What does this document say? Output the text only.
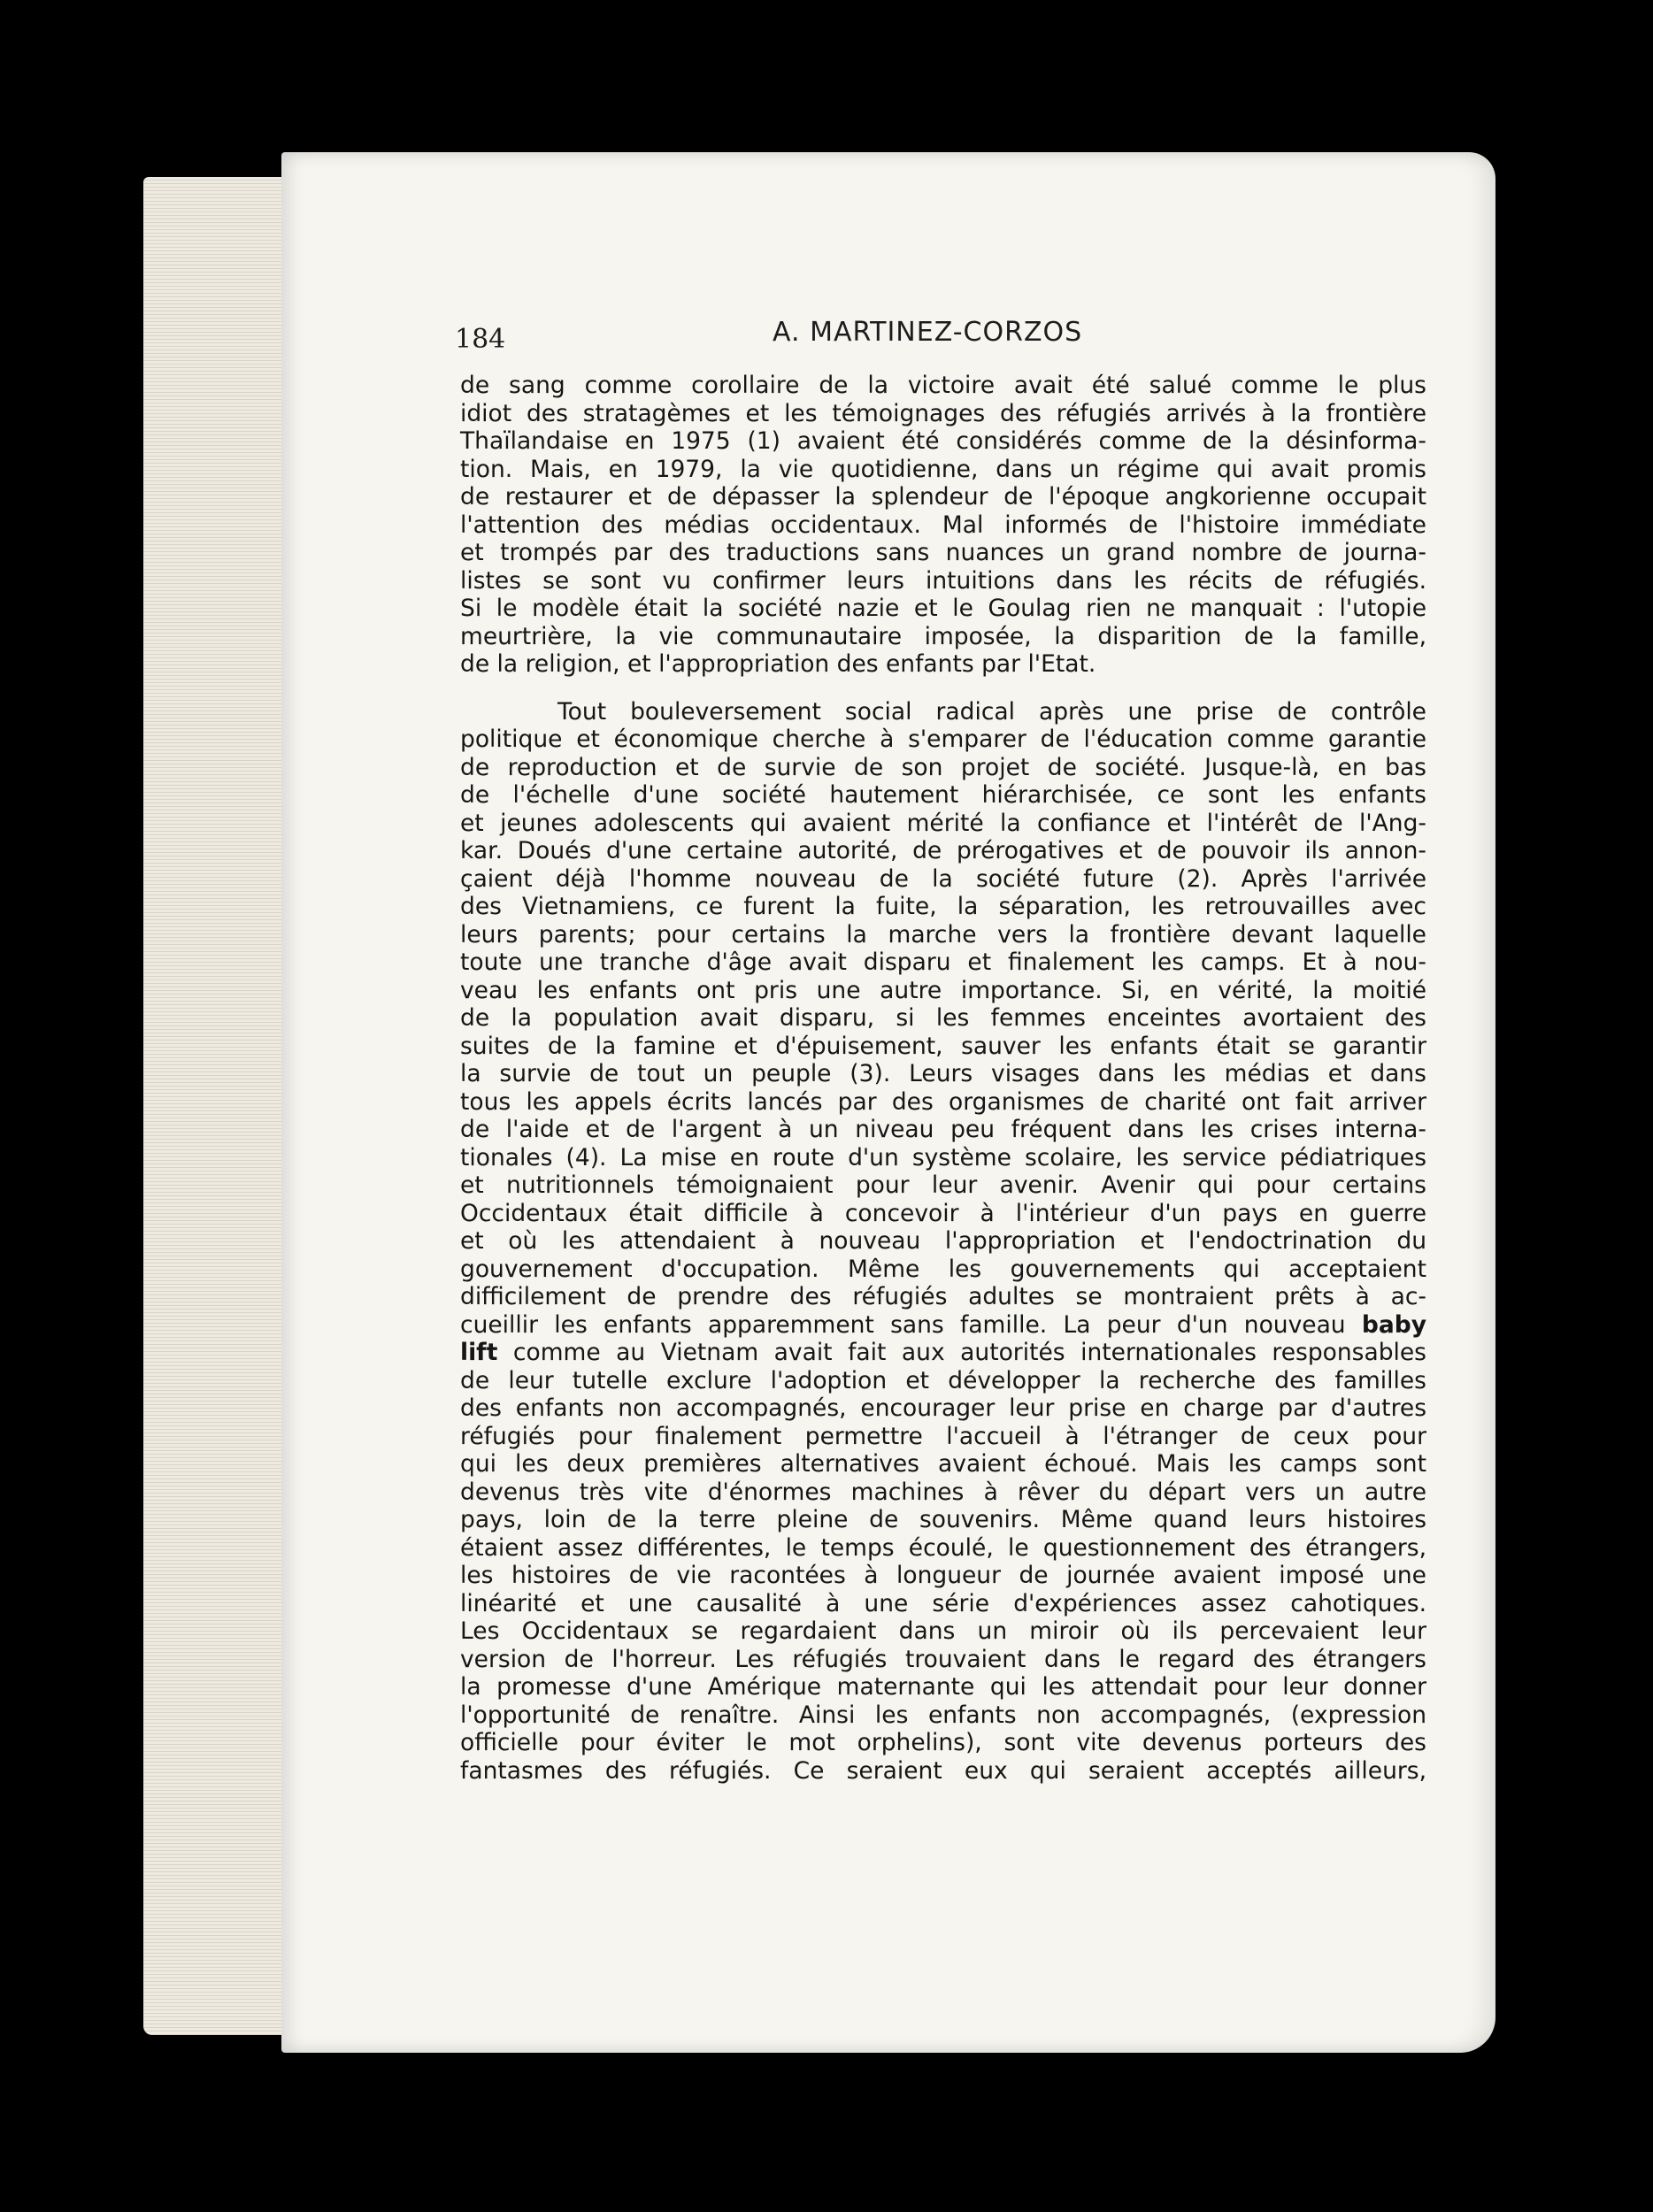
184	A. MARTINEZ-CORZOS
de sang comme corollaire de la victoire avait été salué comme le plus
idiot des stratagèmes et les témoignages des réfugiés arrivés à la frontière
Thaïlandaise en 1975 (1) avaient été considérés comme de la désinforma-
tion. Mais, en 1979, la vie quotidienne, dans un régime qui avait promis
de restaurer et de dépasser la splendeur de l'époque angkorienne occupait
l'attention des médias occidentaux. Mal informés de l'histoire immédiate
et trompés par des traductions sans nuances un grand nombre de journa-
listes se sont vu confirmer leurs intuitions dans les récits de réfugiés.
Si le modèle était la société nazie et le Goulag rien ne manquait : l'utopie
meurtrière, la vie communautaire imposée, la disparition de la famille,
de la religion, et l'appropriation des enfants par l'Etat.
Tout bouleversement social radical après une prise de contrôle
politique et économique cherche à s'emparer de l'éducation comme garantie
de reproduction et de survie de son projet de société. Jusque-là, en bas
de l'échelle d'une société hautement hiérarchisée, ce sont les enfants
et jeunes adolescents qui avaient mérité la confiance et l'intérêt de l'Ang-
kar. Doués d'une certaine autorité, de prérogatives et de pouvoir ils annon-
çaient déjà l'homme nouveau de la société future (2). Après l'arrivée
des Vietnamiens, ce furent la fuite, la séparation, les retrouvailles avec
leurs parents; pour certains la marche vers la frontière devant laquelle
toute une tranche d'âge avait disparu et finalement les camps. Et à nou-
veau les enfants ont pris une autre importance. Si, en vérité, la moitié
de la population avait disparu, si les femmes enceintes avortaient des
suites de la famine et d'épuisement, sauver les enfants était se garantir
la survie de tout un peuple (3). Leurs visages dans les médias et dans
tous les appels écrits lancés par des organismes de charité ont fait arriver
de l'aide et de l'argent à un niveau peu fréquent dans les crises interna-
tionales (4). La mise en route d'un système scolaire, les service pédiatriques
et nutritionnels témoignaient pour leur avenir. Avenir qui pour certains
Occidentaux était difficile à concevoir à l'intérieur d'un pays en guerre
et où les attendaient à nouveau l'appropriation et l'endoctrination du
gouvernement d'occupation. Même les gouvernements qui acceptaient
difficilement de prendre des réfugiés adultes se montraient prêts à ac-
cueillir les enfants apparemment sans famille. La peur d'un nouveau baby
lift comme au Vietnam avait fait aux autorités internationales responsables
de leur tutelle exclure l'adoption et développer la recherche des familles
des enfants non accompagnés, encourager leur prise en charge par d'autres
réfugiés pour finalement permettre l'accueil à l'étranger de ceux pour
qui les deux premières alternatives avaient échoué. Mais les camps sont
devenus très vite d'énormes machines à rêver du départ vers un autre
pays, loin de la terre pleine de souvenirs. Même quand leurs histoires
étaient assez différentes, le temps écoulé, le questionnement des étrangers,
les histoires de vie racontées à longueur de journée avaient imposé une
linéarité et une causalité à une série d'expériences assez cahotiques.
Les Occidentaux se regardaient dans un miroir où ils percevaient leur
version de l'horreur. Les réfugiés trouvaient dans le regard des étrangers
la promesse d'une Amérique maternante qui les attendait pour leur donner
l'opportunité de renaître. Ainsi les enfants non accompagnés, (expression
officielle pour éviter le mot orphelins), sont vite devenus porteurs des
fantasmes des réfugiés. Ce seraient eux qui seraient acceptés ailleurs,
